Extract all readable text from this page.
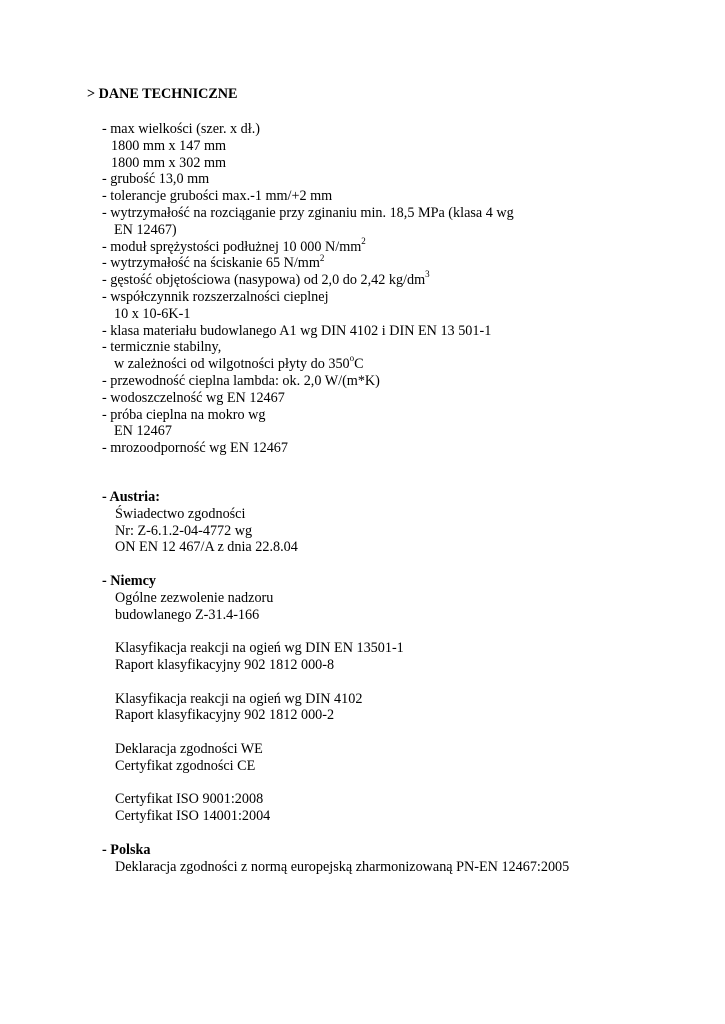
> DANE TECHNICZNE
- max wielkości (szer. x dł.)
1800 mm x 147 mm
1800 mm x 302 mm
- grubość 13,0 mm
- tolerancje grubości max.-1 mm/+2 mm
- wytrzymałość na rozciąganie przy zginaniu min. 18,5 MPa (klasa 4 wg
EN 12467)
- moduł sprężystości podłużnej 10 000 $N/mm^2$
- wytrzymałość na ściskanie 65 $N/mm^2$
- gęstość objętościowa (nasypowa) od 2,0 do 2,42 $kg/dm^3$
- współczynnik rozszerzalności cieplnej
10 x 10-6K-1
- klasa materiału budowlanego A1 wg DIN 4102 i DIN EN 13 501-1
- termicznie stabilny,
w zależności od wilgotności płyty do 350$^o$C
- przewodność cieplna lambda: ok. 2,0 W/(m*K)
- wodoszczelność wg EN 12467
- próba cieplna na mokro wg
EN 12467
- mrozoodporność wg EN 12467
- Austria:
Świadectwo zgodności
Nr: Z-6.1.2-04-4772 wg
ON EN 12 467/A z dnia 22.8.04
- Niemcy
Ogólne zezwolenie nadzoru
budowlanego Z-31.4-166
Klasyfikacja reakcji na ogień wg DIN EN 13501-1
Raport klasyfikacyjny 902 1812 000-8
Klasyfikacja reakcji na ogień wg DIN 4102
Raport klasyfikacyjny 902 1812 000-2
Deklaracja zgodności WE
Certyfikat zgodności CE
Certyfikat ISO 9001:2008
Certyfikat ISO 14001:2004
- Polska
Deklaracja zgodności z normą europejską zharmonizowaną PN-EN 12467:2005
